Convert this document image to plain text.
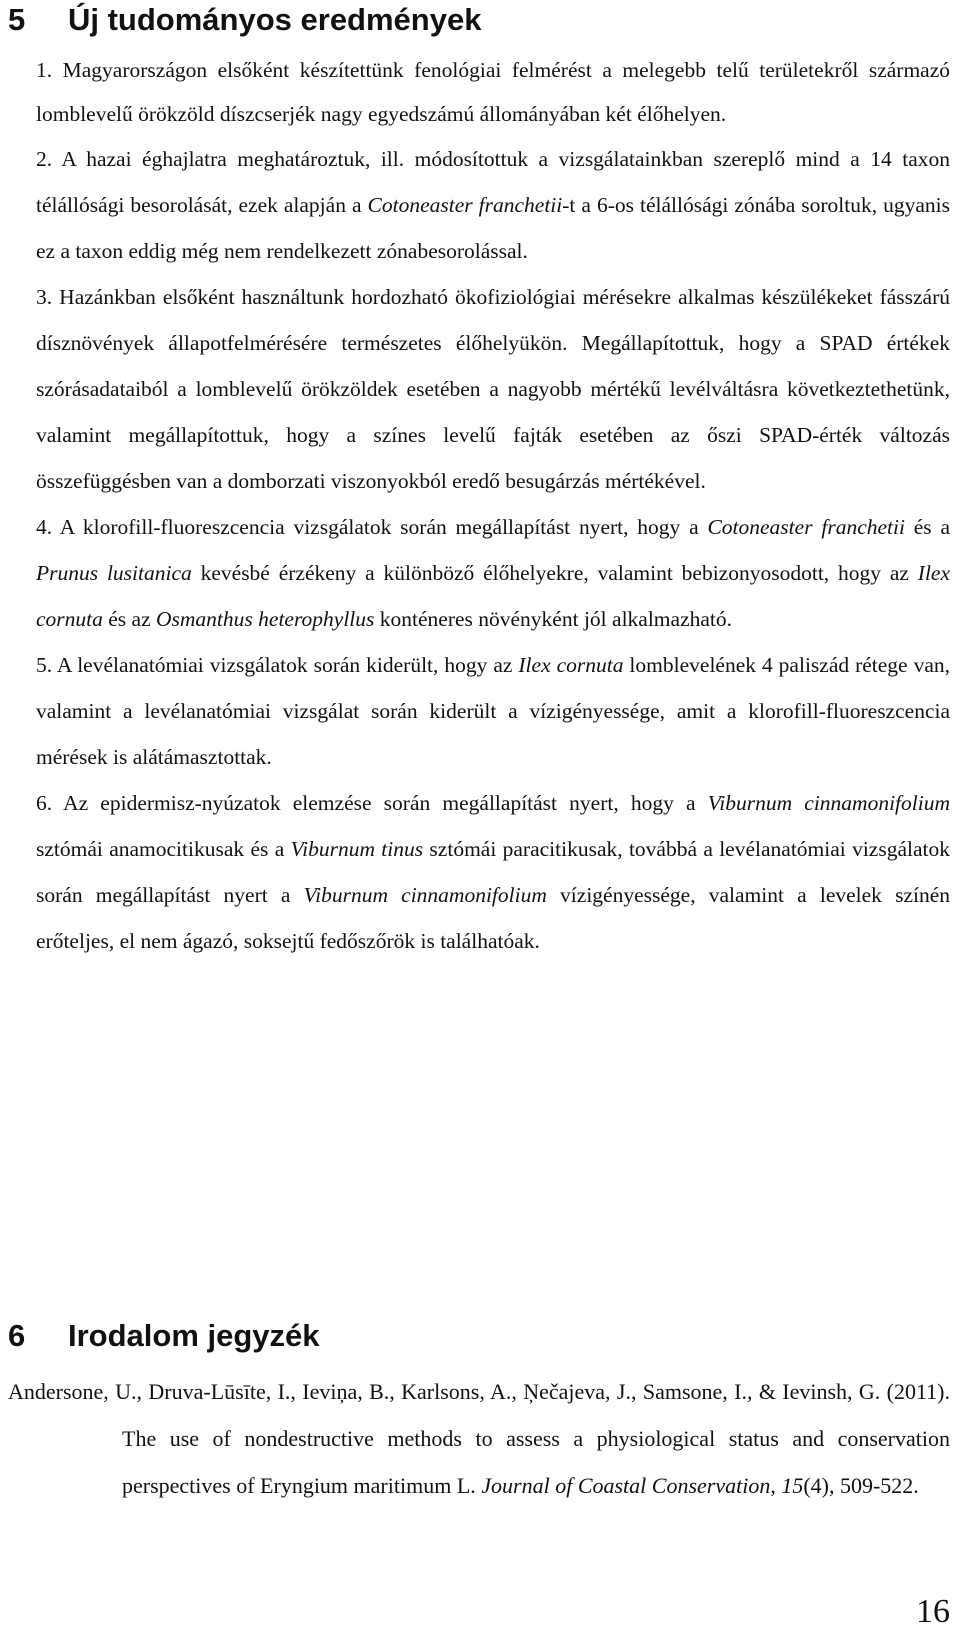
5 Új tudományos eredmények

1. Magyarországon elsőként készítettünk fenológiai felmérést a melegebb telű területekről származó lomblevelű örökzöld díszcserjék nagy egyedszámú állományában két élőhelyen.

2. A hazai éghajlatra meghatároztuk, ill. módosítottuk a vizsgálatainkban szereplő mind a 14 taxon télállósági besorolását, ezek alapján a Cotoneaster franchetii-t a 6-os télállósági zónába soroltuk, ugyanis ez a taxon eddig még nem rendelkezett zónabesorolással.

3. Hazánkban elsőként használtunk hordozható ökofiziológiai mérésekre alkalmas készülékeket fásszárú dísznövények állapotfelmérésére természetes élőhelyükön. Megállapítottuk, hogy a SPAD értékek szórásadataiból a lomblevelű örökzöldek esetében a nagyobb mértékű levélváltásra következtethetünk, valamint megállapítottuk, hogy a színes levelű fajták esetében az őszi SPAD-érték változás összefüggésben van a domborzati viszonyokból eredő besugárzás mértékével.

4. A klorofill-fluoreszcencia vizsgálatok során megállapítást nyert, hogy a Cotoneaster franchetii és a Prunus lusitanica kevésbé érzékeny a különböző élőhelyekre, valamint bebizonyosodott, hogy az Ilex cornuta és az Osmanthus heterophyllus konténeres növényként jól alkalmazható.

5. A levélanatómiai vizsgálatok során kiderült, hogy az Ilex cornuta lomblevelének 4 paliszád rétege van, valamint a levélanatómiai vizsgálat során kiderült a vízigényessége, amit a klorofill-fluoreszcencia mérések is alátámasztottak.

6. Az epidermisz-nyúzatok elemzése során megállapítást nyert, hogy a Viburnum cinnamonifolium sztómái anamocitikusak és a Viburnum tinus sztómái paracitikusak, továbbá a levélanatómiai vizsgálatok során megállapítást nyert a Viburnum cinnamonifolium vízigényessége, valamint a levelek színén erőteljes, el nem ágazó, soksejtű fedőszőrök is találhatóak.

6 Irodalom jegyzék

Andersone, U., Druva-Lūsīte, I., Ieviņa, B., Karlsons, A., Ņečajeva, J., Samsone, I., & Ievinsh, G. (2011). The use of nondestructive methods to assess a physiological status and conservation perspectives of Eryngium maritimum L. Journal of Coastal Conservation, 15(4), 509-522.

16
